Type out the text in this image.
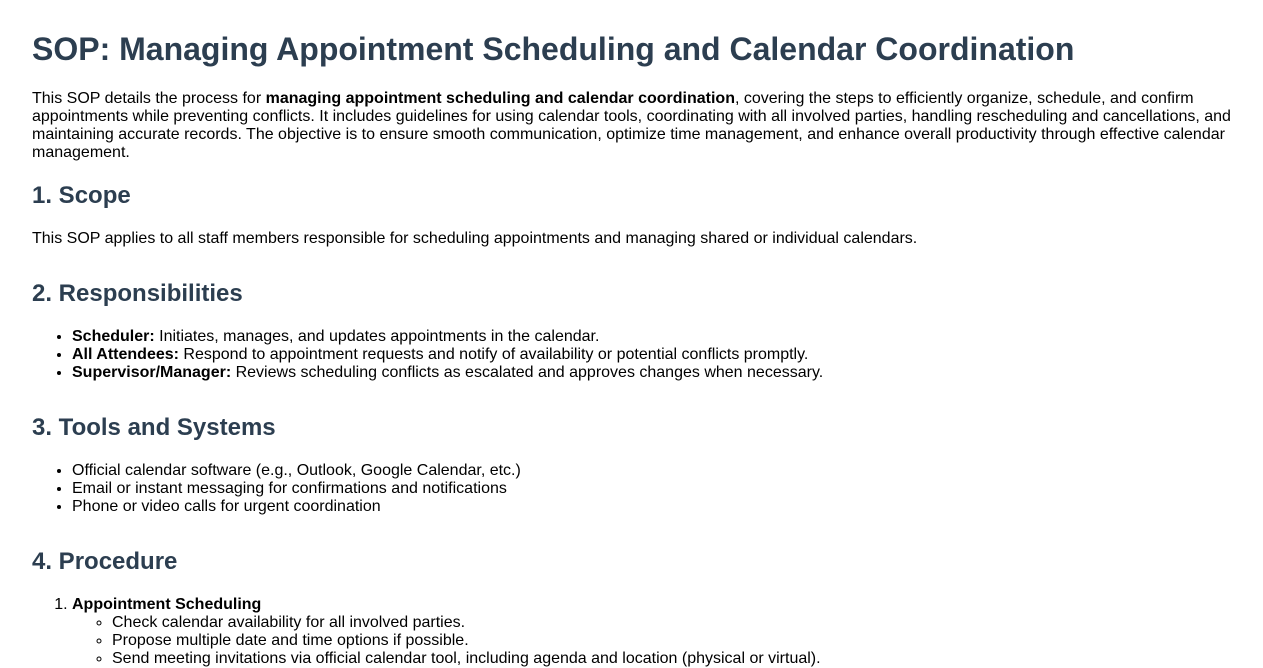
SOP: Managing Appointment Scheduling and Calendar Coordination

This SOP details the process for managing appointment scheduling and calendar coordination, covering the steps to efficiently organize, schedule, and confirm appointments while preventing conflicts. It includes guidelines for using calendar tools, coordinating with all involved parties, handling rescheduling and cancellations, and maintaining accurate records. The objective is to ensure smooth communication, optimize time management, and enhance overall productivity through effective calendar management.

1. Scope

This SOP applies to all staff members responsible for scheduling appointments and managing shared or individual calendars.

2. Responsibilities
• Scheduler: Initiates, manages, and updates appointments in the calendar.
• All Attendees: Respond to appointment requests and notify of availability or potential conflicts promptly.
• Supervisor/Manager: Reviews scheduling conflicts as escalated and approves changes when necessary.
3. Tools and Systems
• Official calendar software (e.g., Outlook, Google Calendar, etc.)
• Email or instant messaging for confirmations and notifications
• Phone or video calls for urgent coordination
4. Procedure
1. Appointment Scheduling
◦ Check calendar availability for all involved parties.
◦ Propose multiple date and time options if possible.
◦ Send meeting invitations via official calendar tool, including agenda and location (physical or virtual).
